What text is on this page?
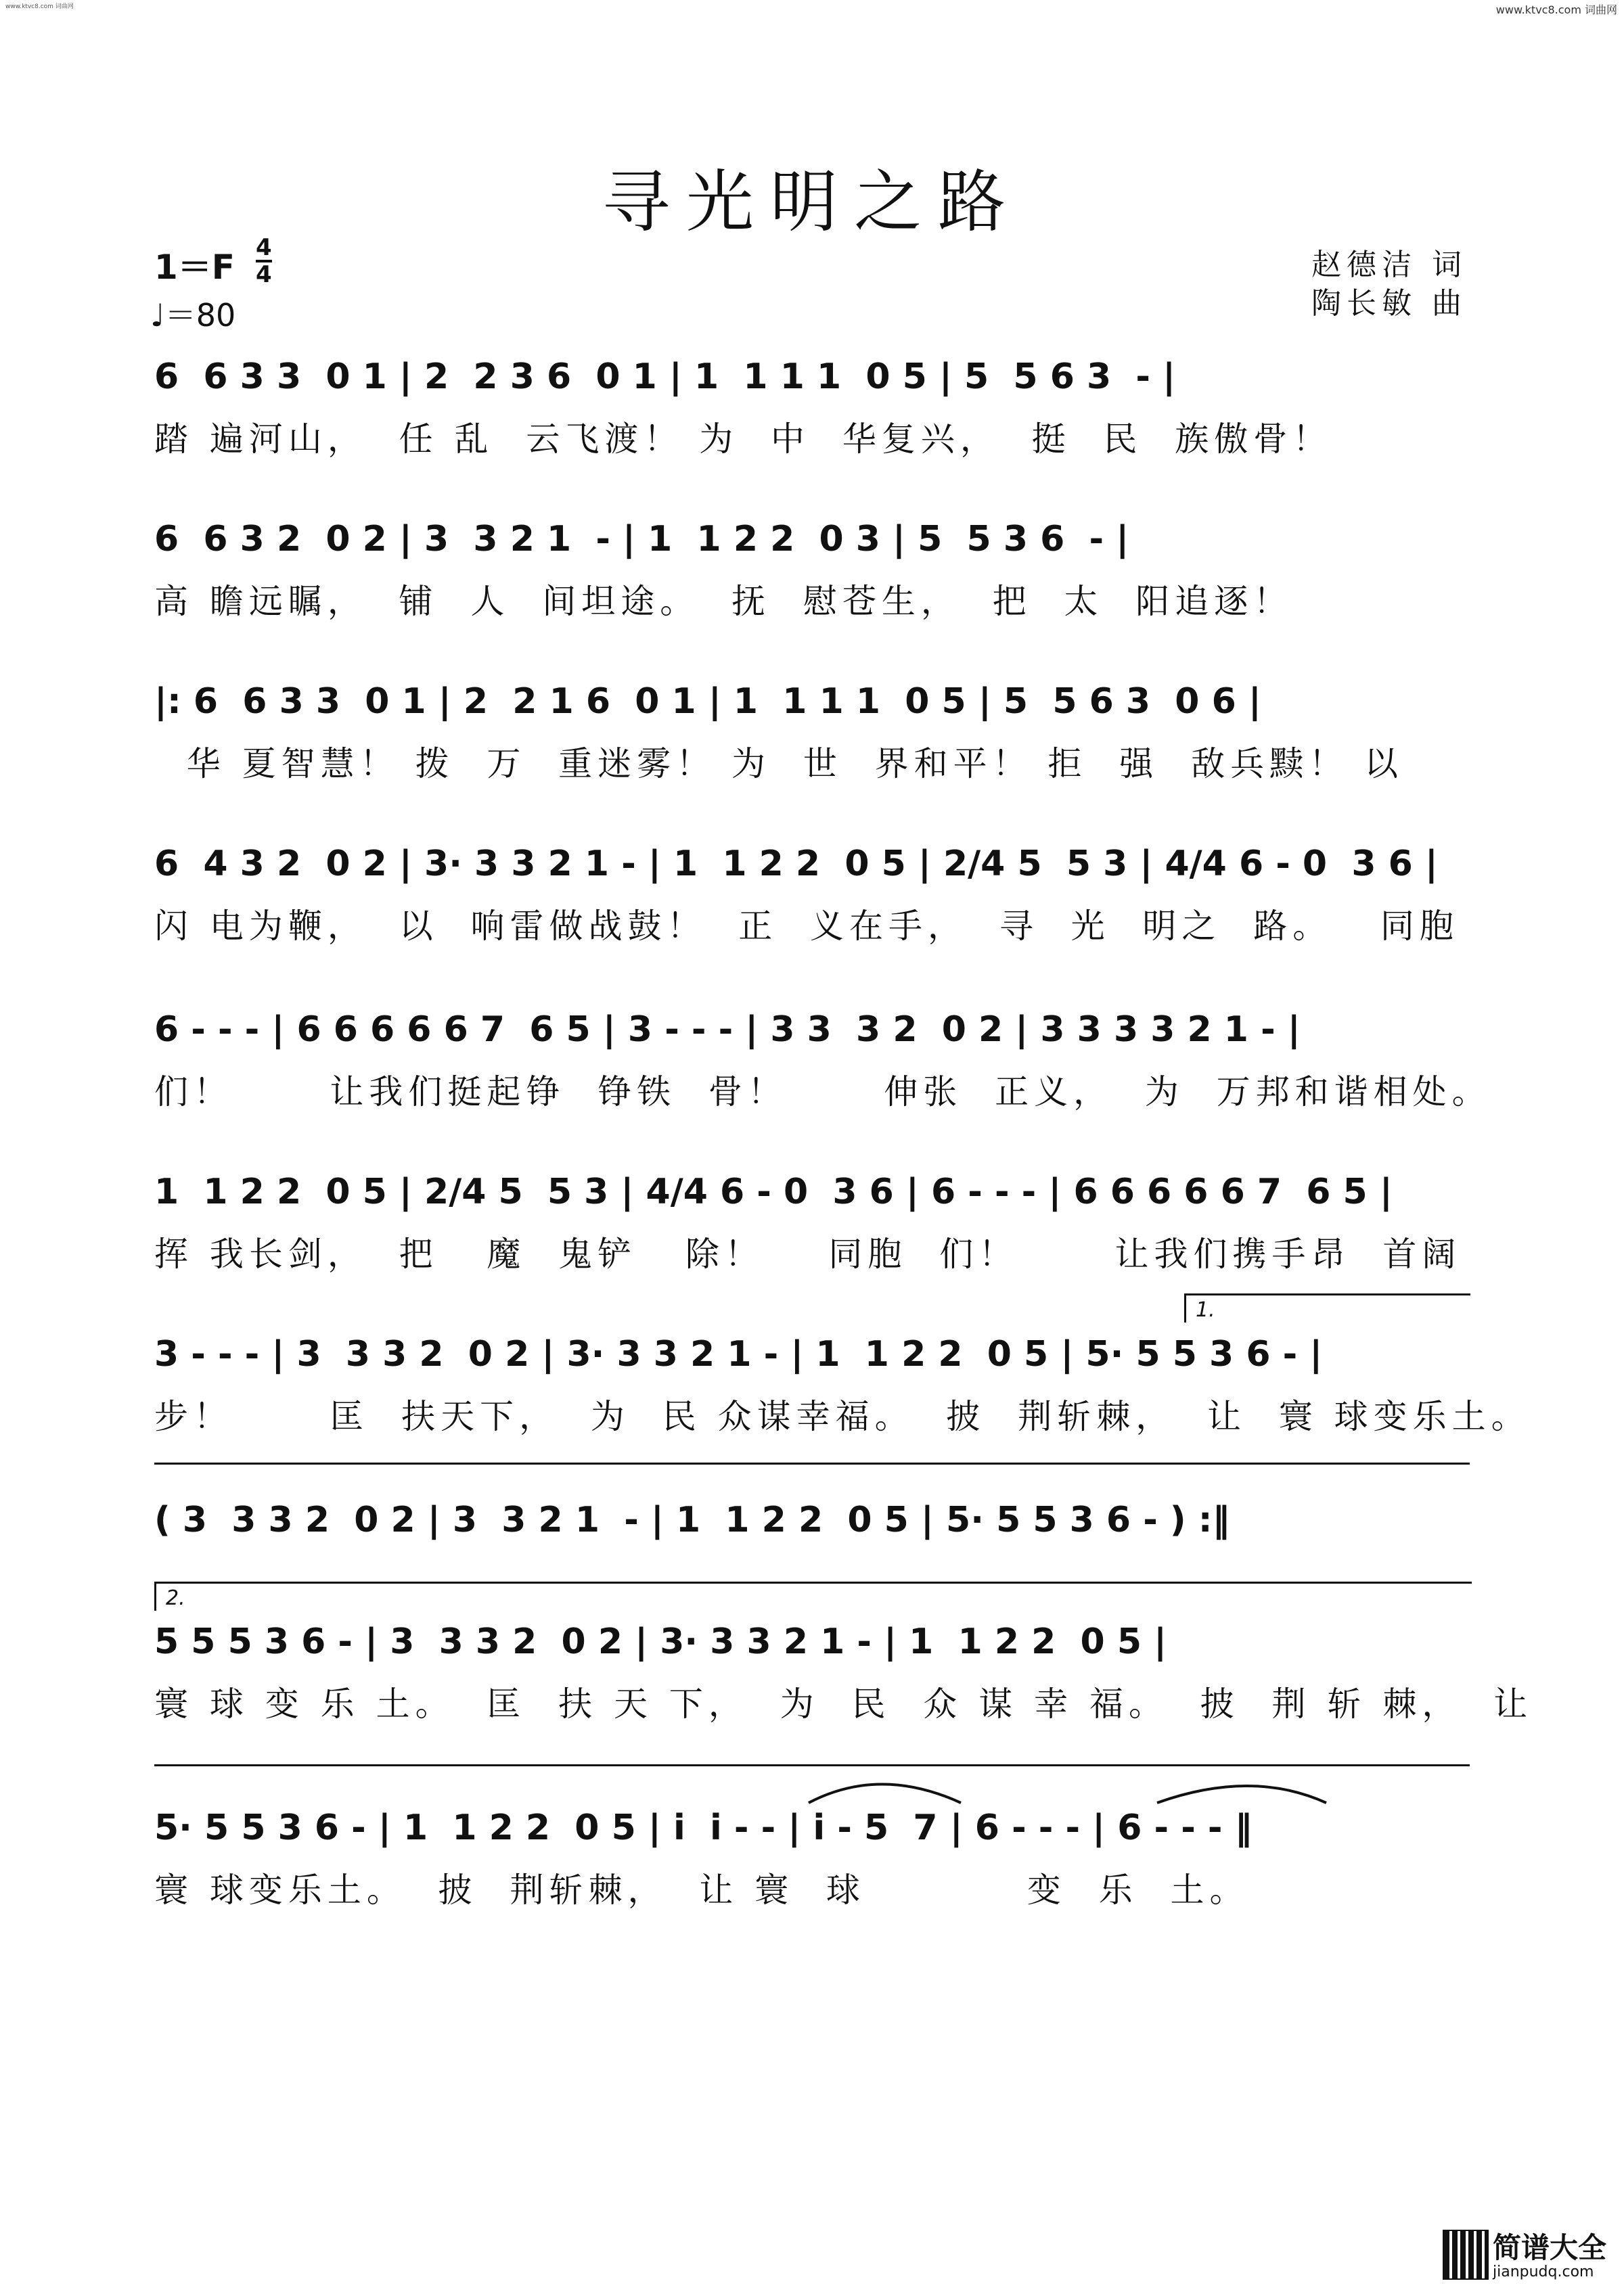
www.ktvc8.com 词曲网	www.ktvc8.com 词曲网
寻光明之路
1＝F 4
4
♩＝80
赵德洁 词
陶长敏 曲
6  6 3 3  0 1 | 2  2 3 6  0 1 | 1  1 1 1  0 5 | 5  5 6 3  - |
踏 遍河山，  任 乱  云飞渡！ 为  中  华复兴，  挺  民  族傲骨！
6  6 3 2  0 2 | 3  3 2 1  - | 1  1 2 2  0 3 | 5  5 3 6  - |
高 瞻远瞩，  铺  人  间坦途。  抚  慰苍生，  把  太  阳追逐！
|: 6  6 3 3  0 1 | 2  2 1 6  0 1 | 1  1 1 1  0 5 | 5  5 6 3  0 6 |
华 夏智慧！ 拨  万  重迷雾！ 为  世  界和平！ 拒  强  敌兵黩！ 以
6  4 3 2  0 2 | 3· 3 3 2 1 - | 1  1 2 2  0 5 | 2/4 5  5 3 | 4/4 6 - 0  3 6 |
闪 电为鞭，  以  响雷做战鼓！  正  义在手，  寻  光  明之  路。   同胞
6 - - - | 6 6 6 6 6 7  6 5 | 3 - - - | 3 3  3 2  0 2 | 3 3 3 3 2 1 - |
们！      让我们挺起铮  铮铁  骨！      伸张  正义，  为  万邦和谐相处。
1  1 2 2  0 5 | 2/4 5  5 3 | 4/4 6 - 0  3 6 | 6 - - - | 6 6 6 6 6 7  6 5 |
挥 我长剑，  把   魔  鬼铲   除！    同胞  们！      让我们携手昂  首阔
1.
3 - - - | 3  3 3 2  0 2 | 3· 3 3 2 1 - | 1  1 2 2  0 5 | 5· 5 5 3 6 - |
步！      匡  扶天下，  为  民 众谋幸福。  披  荆斩棘，  让  寰 球变乐土。
( 3  3 3 2  0 2 | 3  3 2 1  - | 1  1 2 2  0 5 | 5· 5 5 3 6 - ) :‖
2.
5 5 5 3 6 - | 3  3 3 2  0 2 | 3· 3 3 2 1 - | 1  1 2 2  0 5 |
寰 球 变 乐 土。  匡  扶 天 下，  为  民  众 谋 幸 福。  披  荆 斩 棘，  让
5· 5 5 3 6 - | 1  1 2 2  0 5 | i  i - - | i - 5  7 | 6 - - - | 6 - - - ‖
寰 球变乐土。  披  荆斩棘，  让 寰  球          变  乐  土。
简谱大全
jianpudq.com
